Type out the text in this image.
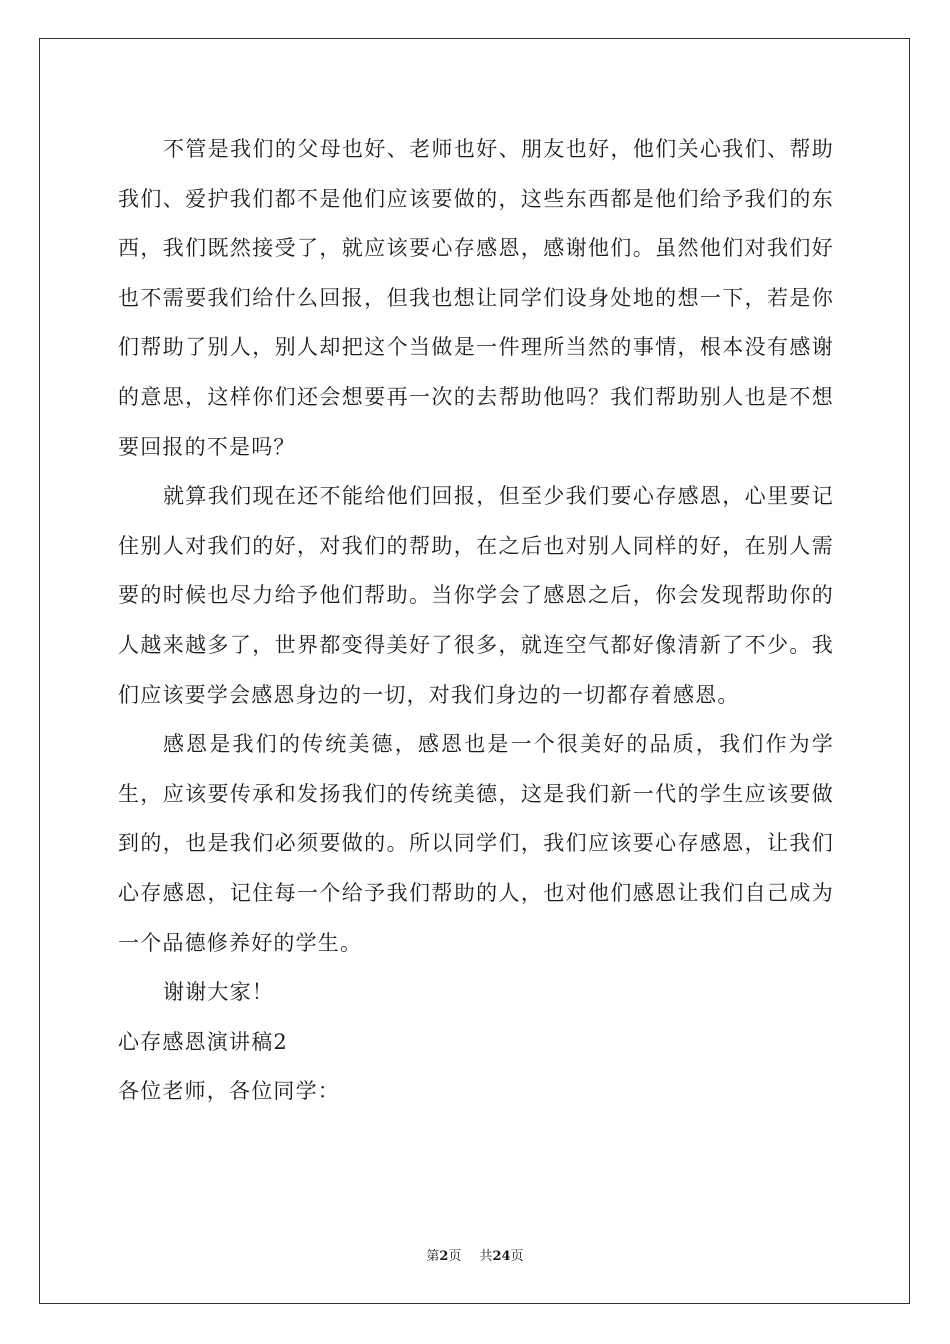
不管是我们的父母也好、老师也好、朋友也好，他们关心我们、帮助我们、爱护我们都不是他们应该要做的，这些东西都是他们给予我们的东西，我们既然接受了，就应该要心存感恩，感谢他们。虽然他们对我们好也不需要我们给什么回报，但我也想让同学们设身处地的想一下，若是你们帮助了别人，别人却把这个当做是一件理所当然的事情，根本没有感谢的意思，这样你们还会想要再一次的去帮助他吗？我们帮助别人也是不想要回报的不是吗？

就算我们现在还不能给他们回报，但至少我们要心存感恩，心里要记住别人对我们的好，对我们的帮助，在之后也对别人同样的好，在别人需要的时候也尽力给予他们帮助。当你学会了感恩之后，你会发现帮助你的人越来越多了，世界都变得美好了很多，就连空气都好像清新了不少。我们应该要学会感恩身边的一切，对我们身边的一切都存着感恩。

感恩是我们的传统美德，感恩也是一个很美好的品质，我们作为学生，应该要传承和发扬我们的传统美德，这是我们新一代的学生应该要做到的，也是我们必须要做的。所以同学们，我们应该要心存感恩，让我们心存感恩，记住每一个给予我们帮助的人，也对他们感恩让我们自己成为一个品德修养好的学生。

谢谢大家！

心存感恩演讲稿2

各位老师，各位同学：

第2页 共24页
